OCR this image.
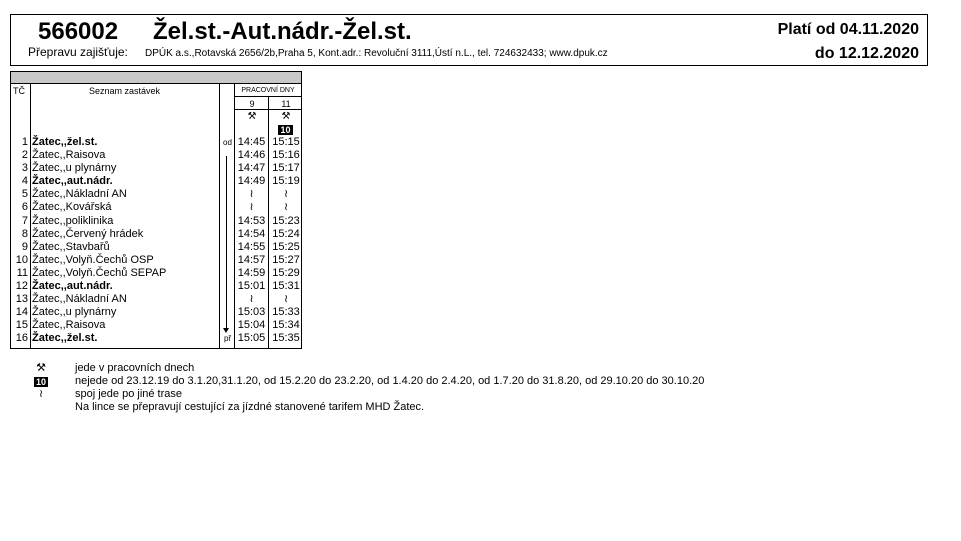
566002 Žel.st.-Aut.nádr.-Žel.st.
Přepravu zajišťuje: DPÚK a.s.,Rotavská 2656/2b,Praha 5, Kont.adr.: Revoluční 3111,Ústí n.L., tel. 724632433; www.dpuk.cz
Platí od 04.11.2020
do 12.12.2020
TČ	Seznam zastávek	PRACOVNÍ DNY
9	11
⚒	⚒
10
1 Žatec,,žel.st.	od 14:45 15:15
2 Žatec,,Raisova	14:46 15:16
3 Žatec,,u plynárny	14:47 15:17
4 Žatec,,aut.nádr.	14:49 15:19
5 Žatec,,Nákladní AN	≀	≀
6 Žatec,,Kovářská	≀	≀
7 Žatec,,poliklinika	14:53 15:23
8 Žatec,,Červený hrádek	14:54 15:24
9 Žatec,,Stavbařů	14:55 15:25
10 Žatec,,Volyň.Čechů OSP	14:57 15:27
11 Žatec,,Volyň.Čechů SEPAP	14:59 15:29
12 Žatec,,aut.nádr.	15:01 15:31
13 Žatec,,Nákladní AN	≀	≀
14 Žatec,,u plynárny	15:03 15:33
15 Žatec,,Raisova	15:04 15:34
16 Žatec,,žel.st.	př 15:05 15:35
⚒	jede v pracovních dnech
10	nejede od 23.12.19 do 3.1.20,31.1.20, od 15.2.20 do 23.2.20, od 1.4.20 do 2.4.20, od 1.7.20 do 31.8.20, od 29.10.20 do 30.10.20
≀	spoj jede po jiné trase
Na lince se přepravují cestující za jízdné stanovené tarifem MHD Žatec.
